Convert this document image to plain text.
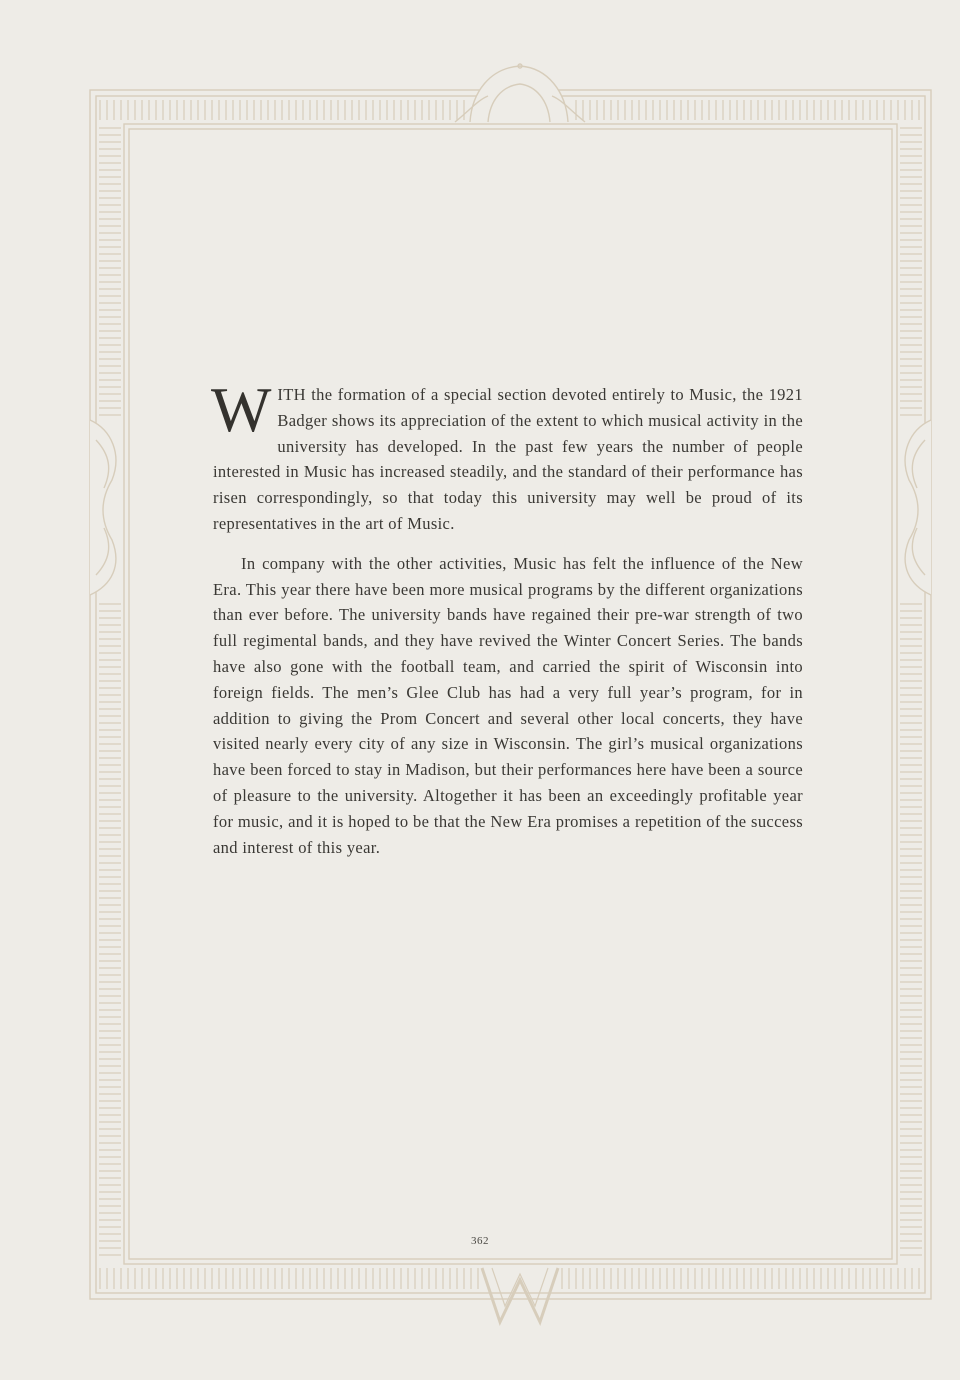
WITH the formation of a special section devoted entirely to Music, the 1921 Badger shows its appreciation of the extent to which musical activity in the university has developed. In the past few years the number of people interested in Music has increased steadily, and the standard of their performance has risen correspondingly, so that today this university may well be proud of its representatives in the art of Music.

In company with the other activities, Music has felt the influence of the New Era. This year there have been more musical programs by the different organizations than ever before. The university bands have regained their pre-war strength of two full regimental bands, and they have revived the Winter Concert Series. The bands have also gone with the football team, and carried the spirit of Wisconsin into foreign fields. The men’s Glee Club has had a very full year’s program, for in addition to giving the Prom Concert and several other local concerts, they have visited nearly every city of any size in Wisconsin. The girl’s musical organizations have been forced to stay in Madison, but their performances here have been a source of pleasure to the university. Altogether it has been an exceedingly profitable year for music, and it is hoped to be that the New Era promises a repetition of the success and interest of this year.

362
